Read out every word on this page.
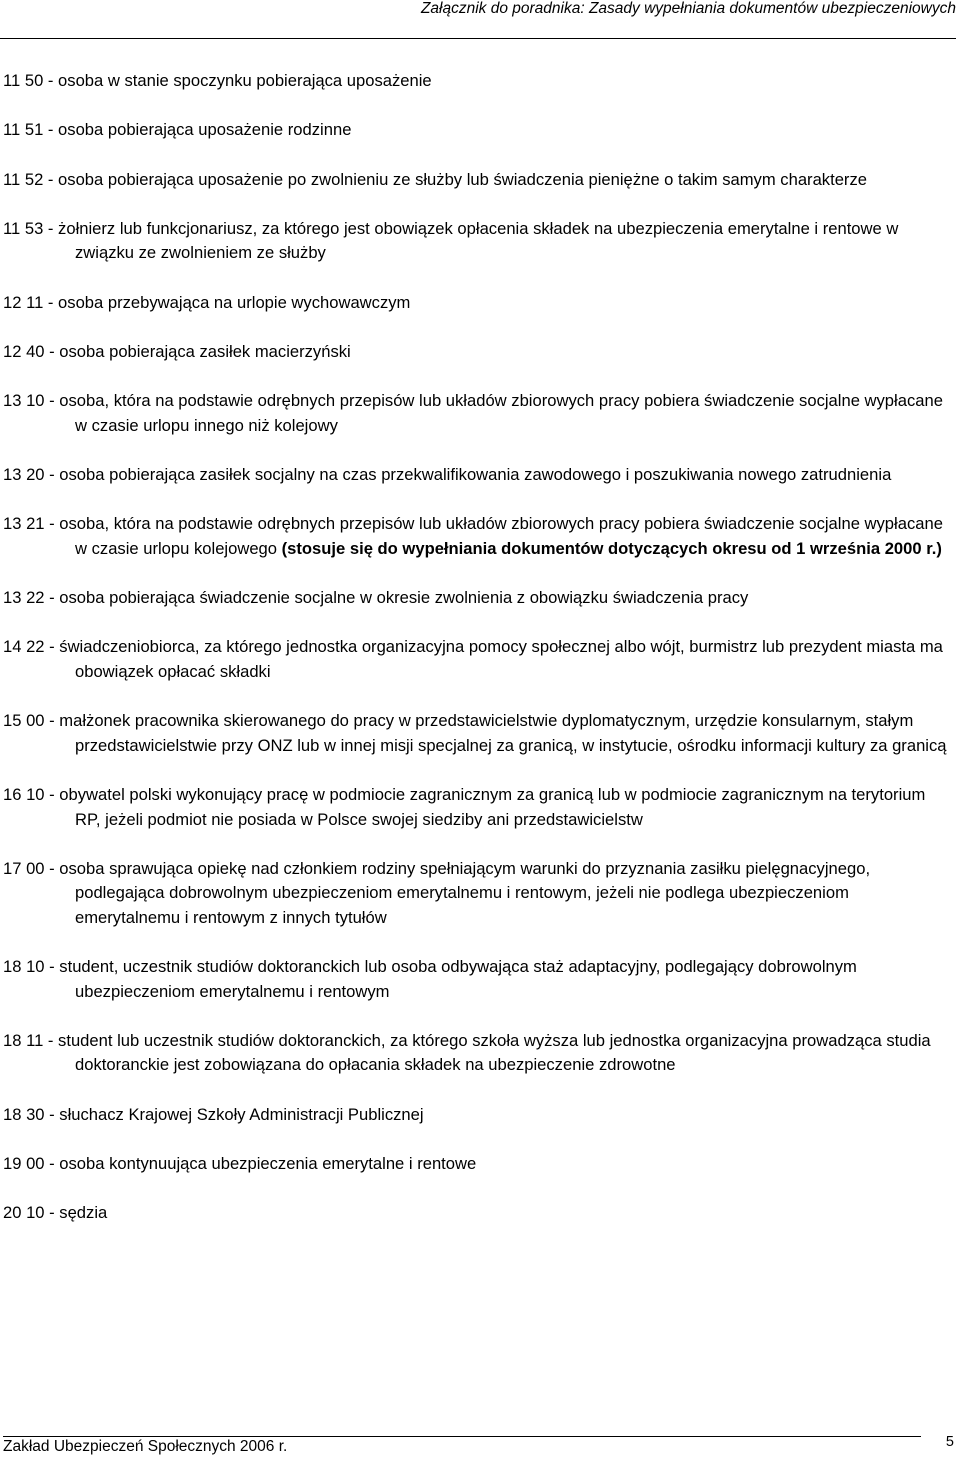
Załącznik do poradnika: Zasady wypełniania dokumentów ubezpieczeniowych

11 50 - osoba w stanie spoczynku pobierająca uposażenie

11 51 - osoba pobierająca uposażenie rodzinne

11 52 - osoba pobierająca uposażenie po zwolnieniu ze służby lub świadczenia pieniężne o takim samym charakterze

11 53 - żołnierz lub funkcjonariusz, za którego jest obowiązek opłacenia składek na ubezpieczenia emerytalne i rentowe w związku ze zwolnieniem ze służby

12 11 - osoba przebywająca na urlopie wychowawczym

12 40 - osoba pobierająca zasiłek macierzyński

13 10 - osoba, która na podstawie odrębnych przepisów lub układów zbiorowych pracy pobiera świadczenie socjalne wypłacane w czasie urlopu innego niż kolejowy

13 20 - osoba pobierająca zasiłek socjalny na czas przekwalifikowania zawodowego i poszukiwania nowego zatrudnienia

13 21 - osoba, która na podstawie odrębnych przepisów lub układów zbiorowych pracy pobiera świadczenie socjalne wypłacane w czasie urlopu kolejowego (stosuje się do wypełniania dokumentów dotyczących okresu od 1 września 2000 r.)

13 22 - osoba pobierająca świadczenie socjalne w okresie zwolnienia z obowiązku świadczenia pracy

14 22 - świadczeniobiorca, za którego jednostka organizacyjna pomocy społecznej albo wójt, burmistrz lub prezydent miasta ma obowiązek opłacać składki

15 00 - małżonek pracownika skierowanego do pracy w przedstawicielstwie dyplomatycznym, urzędzie konsularnym, stałym przedstawicielstwie przy ONZ lub w innej misji specjalnej za granicą, w instytucie, ośrodku informacji kultury za granicą

16 10 - obywatel polski wykonujący pracę w podmiocie zagranicznym za granicą lub w podmiocie zagranicznym na terytorium RP, jeżeli podmiot nie posiada w Polsce swojej siedziby ani przedstawicielstw

17 00 - osoba sprawująca opiekę nad członkiem rodziny spełniającym warunki do przyznania zasiłku pielęgnacyjnego, podlegająca dobrowolnym ubezpieczeniom emerytalnemu i rentowym, jeżeli nie podlega ubezpieczeniom emerytalnemu i rentowym z innych tytułów

18 10 - student, uczestnik studiów doktoranckich lub osoba odbywająca staż adaptacyjny, podlegający dobrowolnym ubezpieczeniom emerytalnemu i rentowym

18 11 - student lub uczestnik studiów doktoranckich, za którego szkoła wyższa lub jednostka organizacyjna prowadząca studia doktoranckie jest zobowiązana do opłacania składek na ubezpieczenie zdrowotne

18 30 - słuchacz Krajowej Szkoły Administracji Publicznej

19 00 - osoba kontynuująca ubezpieczenia emerytalne i rentowe

20 10 - sędzia

Zakład Ubezpieczeń Społecznych 2006 r.	5
